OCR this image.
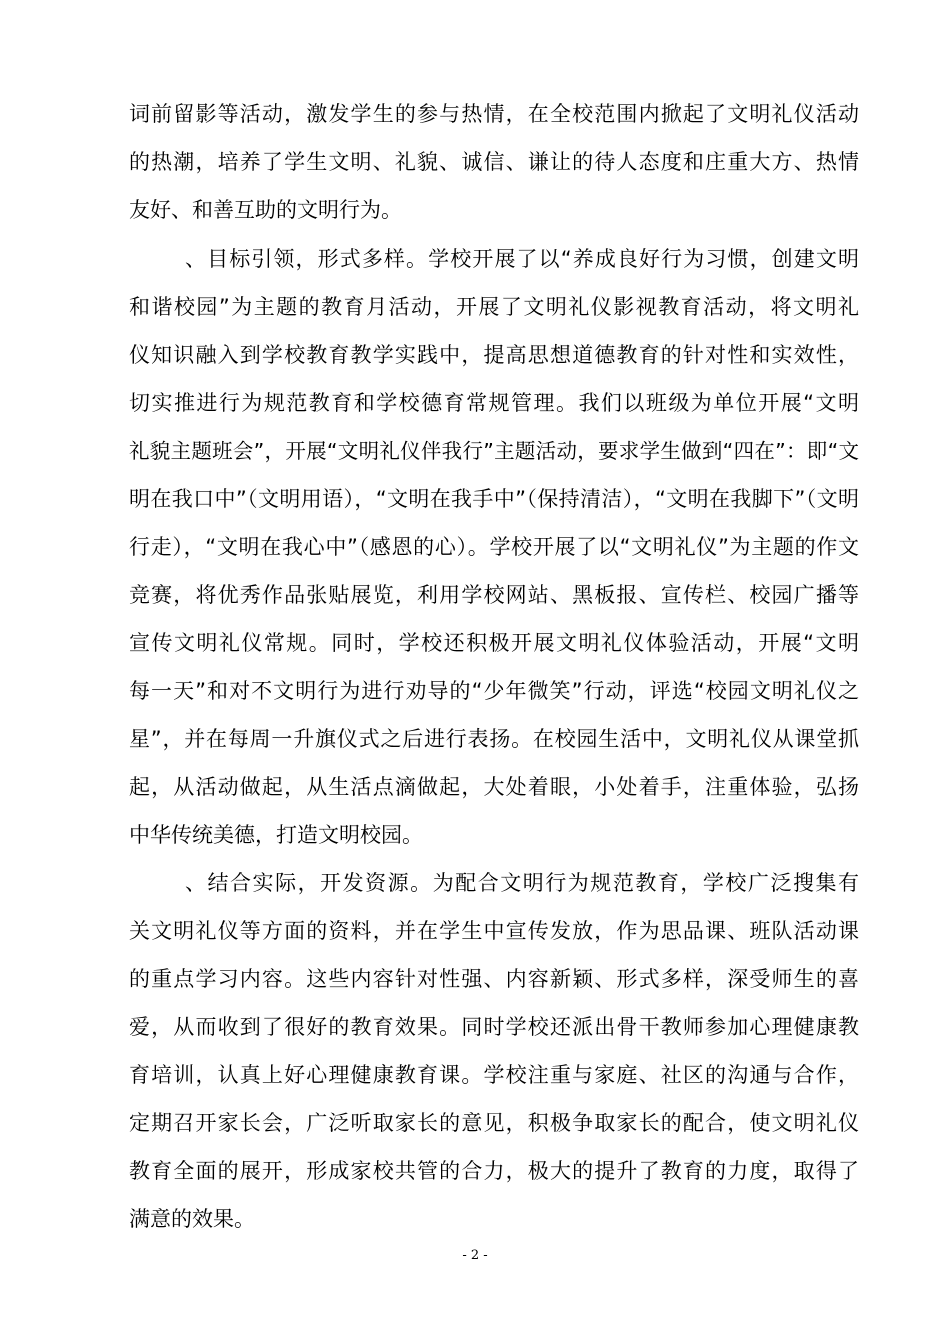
词前留影等活动，激发学生的参与热情，在全校范围内掀起了文明礼仪活动
的热潮，培养了学生文明、礼貌、诚信、谦让的待人态度和庄重大方、热情
友好、和善互助的文明行为。
、目标引领，形式多样。学校开展了以“养成良好行为习惯，创建文明
和谐校园”为主题的教育月活动，开展了文明礼仪影视教育活动，将文明礼
仪知识融入到学校教育教学实践中，提高思想道德教育的针对性和实效性，
切实推进行为规范教育和学校德育常规管理。我们以班级为单位开展“文明
礼貌主题班会”，开展“文明礼仪伴我行”主题活动，要求学生做到“四在”：即“文
明在我口中”（文明用语），“文明在我手中”（保持清洁），“文明在我脚下”（文明
行走），“文明在我心中”（感恩的心）。学校开展了以“文明礼仪”为主题的作文
竞赛，将优秀作品张贴展览，利用学校网站、黑板报、宣传栏、校园广播等
宣传文明礼仪常规。同时，学校还积极开展文明礼仪体验活动，开展“文明
每一天”和对不文明行为进行劝导的“少年微笑”行动，评选“校园文明礼仪之
星”，并在每周一升旗仪式之后进行表扬。在校园生活中，文明礼仪从课堂抓
起，从活动做起，从生活点滴做起，大处着眼，小处着手，注重体验，弘扬
中华传统美德，打造文明校园。
、结合实际，开发资源。为配合文明行为规范教育，学校广泛搜集有
关文明礼仪等方面的资料，并在学生中宣传发放，作为思品课、班队活动课
的重点学习内容。这些内容针对性强、内容新颖、形式多样，深受师生的喜
爱，从而收到了很好的教育效果。同时学校还派出骨干教师参加心理健康教
育培训，认真上好心理健康教育课。学校注重与家庭、社区的沟通与合作，
定期召开家长会，广泛听取家长的意见，积极争取家长的配合，使文明礼仪
教育全面的展开，形成家校共管的合力，极大的提升了教育的力度，取得了
满意的效果。
- 2 -
